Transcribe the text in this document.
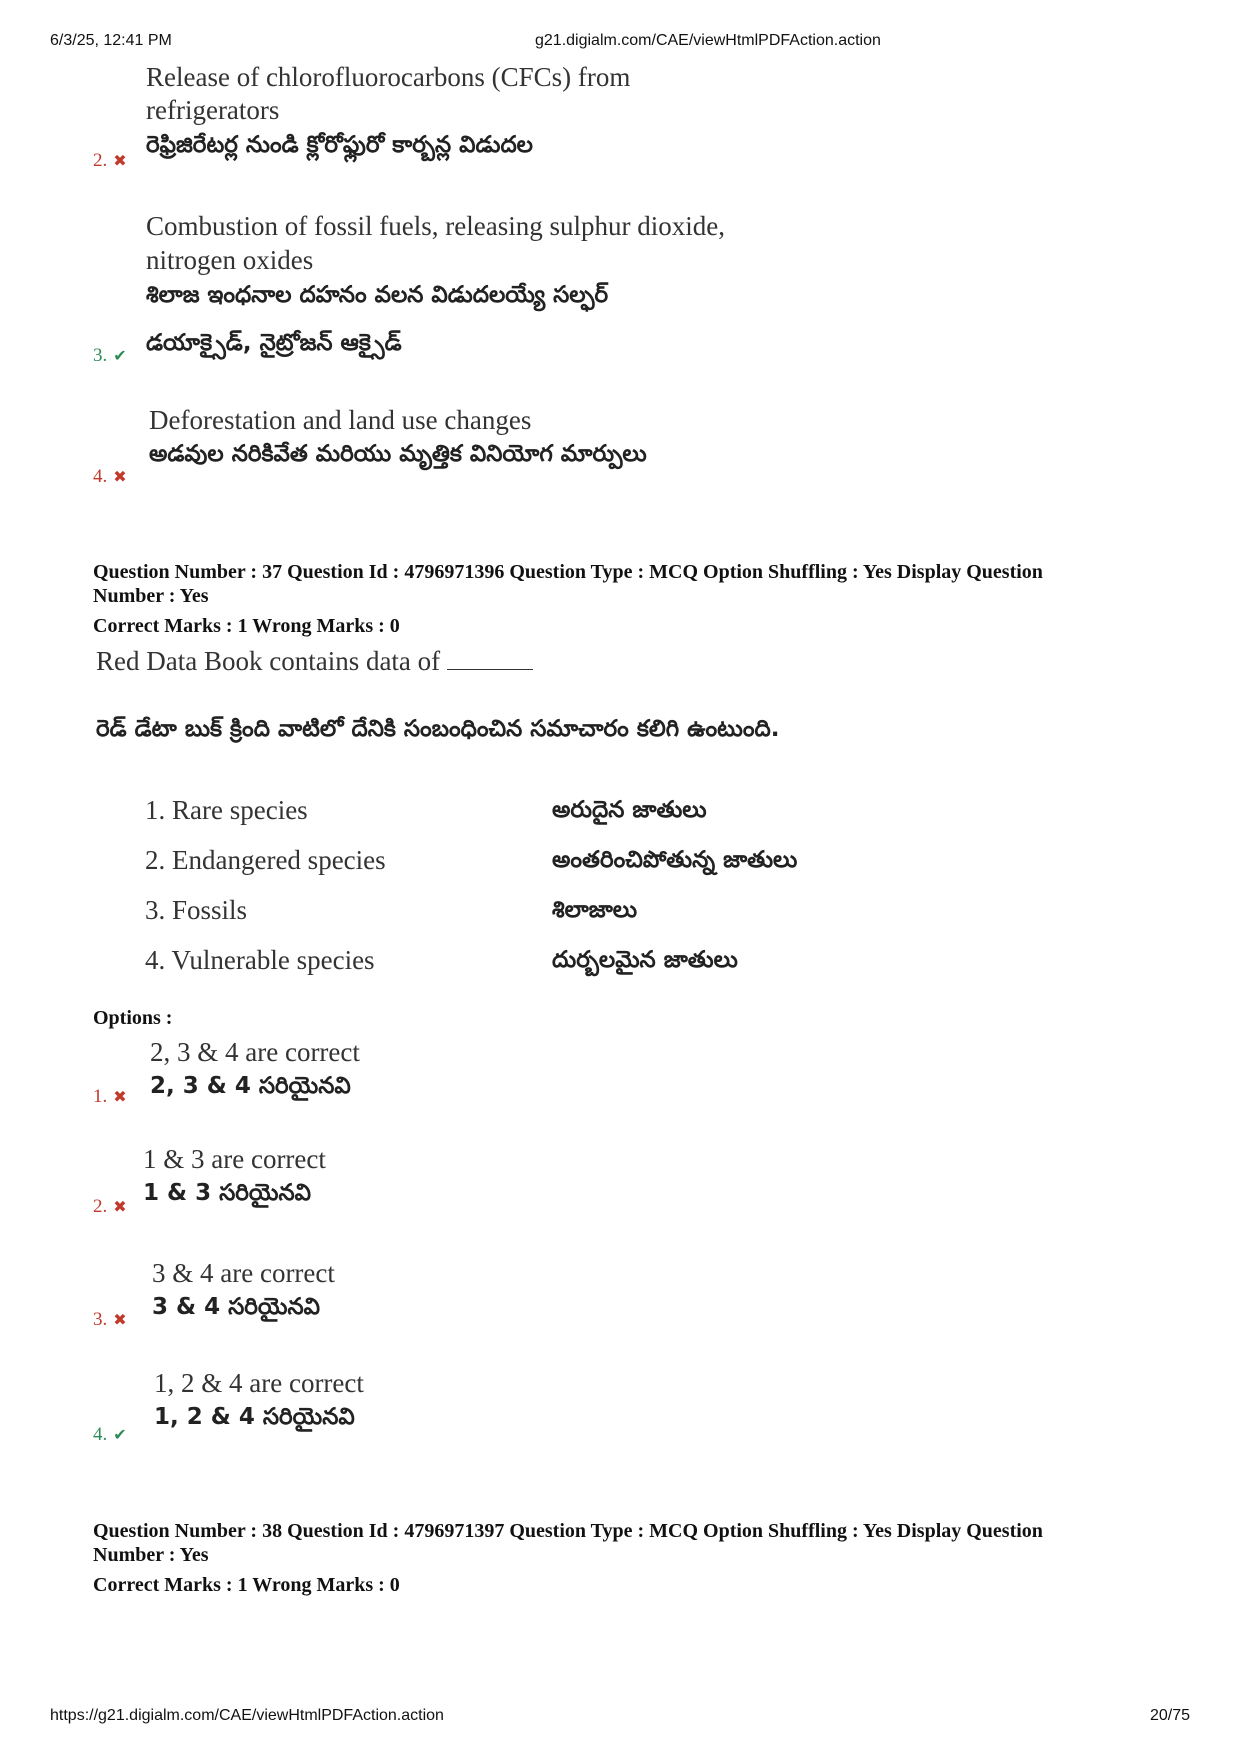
6/3/25, 12:41 PM	g21.digialm.com/CAE/viewHtmlPDFAction.action
Release of chlorofluorocarbons (CFCs) from
refrigerators
రెఫ్రిజిరేటర్ల నుండి క్లోరోఫ్లురో కార్బన్ల విడుదల
2. ✖
Combustion of fossil fuels, releasing sulphur dioxide,
nitrogen oxides
శిలాజ ఇంధనాల దహనం వలన విడుదలయ్యే సల్ఫర్
డయాక్సైడ్, నైట్రోజన్ ఆక్సైడ్
3. ✔
Deforestation and land use changes
అడవుల నరికివేత మరియు మృత్తిక వినియోగ మార్పులు
4. ✖
Question Number : 37 Question Id : 4796971396 Question Type : MCQ Option Shuffling : Yes Display Question
Number : Yes
Correct Marks : 1 Wrong Marks : 0
Red Data Book contains data of
రెడ్ డేటా బుక్ క్రింది వాటిలో దేనికి సంబంధించిన సమాచారం కలిగి ఉంటుంది.
1. Rare species	అరుదైన జాతులు
2. Endangered species	అంతరించిపోతున్న జాతులు
3. Fossils	శిలాజాలు
4. Vulnerable species	దుర్బలమైన జాతులు
Options :
2, 3 & 4 are correct
2, 3 & 4 సరియైనవి
1. ✖
1 & 3 are correct
1 & 3 సరియైనవి
2. ✖
3 & 4 are correct
3 & 4 సరియైనవి
3. ✖
1, 2 & 4 are correct
1, 2 & 4 సరియైనవి
4. ✔
Question Number : 38 Question Id : 4796971397 Question Type : MCQ Option Shuffling : Yes Display Question
Number : Yes
Correct Marks : 1 Wrong Marks : 0
https://g21.digialm.com/CAE/viewHtmlPDFAction.action	20/75
